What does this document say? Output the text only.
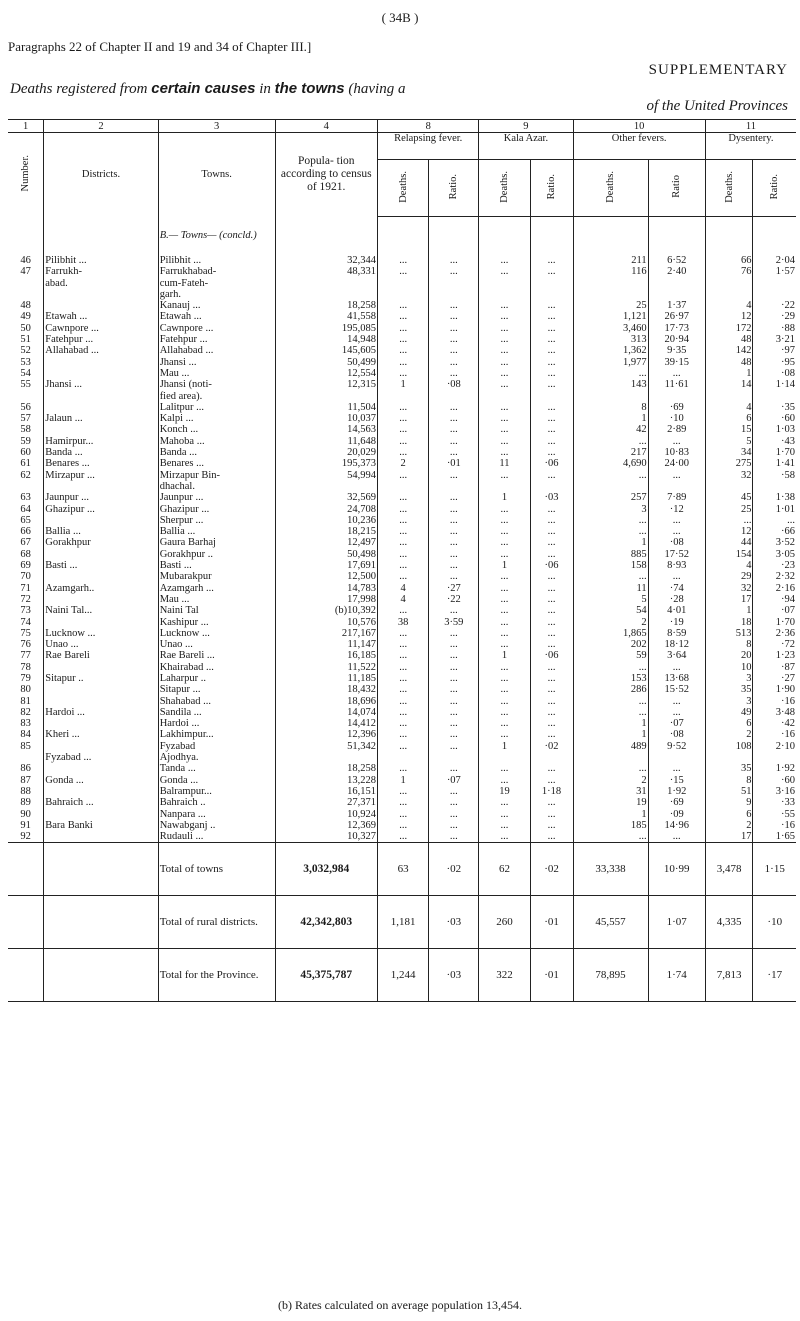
( 34B )
Paragraphs 22 of Chapter II and 19 and 34 of Chapter III.]
SUPPLEMENTARY
Deaths registered from certain causes in the towns (having a
of the United Provinces
1	2	3	4	8		9		10		11	
Number.	Districts.	Towns.	Popula- tion according to census of 1921.	Relapsing fever.		Kala Azar.		Other fevers.		Dysentery.	
				Deaths.	Ratio.	Deaths.	Ratio.	Deaths.	Ratio	Deaths.	Ratio.
		B.— Towns— (concld.)									
46	Pilibhit ...	Pilibhit ...	32,344	...	...	...	...	211	6·52	66	2·04
47	Farrukh-	Farrukhabad-	48,331	...	...	...	...	116	2·40	76	1·57
	abad.	cum-Fateh-									
		garh.									
48		Kanauj ...	18,258	...	...	...	...	25	1·37	4	·22
49	Etawah ...	Etawah ...	41,558	...	...	...	...	1,121	26·97	12	·29
50	Cawnpore ...	Cawnpore ...	195,085	...	...	...	...	3,460	17·73	172	·88
51	Fatehpur ...	Fatehpur ...	14,948	...	...	...	...	313	20·94	48	3·21
52	Allahabad ...	Allahabad ...	145,605	...	...	...	...	1,362	9·35	142	·97
53		Jhansi ...	50,499	...	...	...	...	1,977	39·15	48	·95
54		Mau ...	12,554	...	...	...	...	...	...	1	·08
55	Jhansi ...	Jhansi (noti-	12,315	1	·08	...	...	143	11·61	14	1·14
		fied area).									
56		Lalitpur ...	11,504	...	...	...	...	8	·69	4	·35
57	Jalaun ...	Kalpi ...	10,037	...	...	...	...	1	·10	6	·60
58		Konch ...	14,563	...	...	...	...	42	2·89	15	1·03
59	Hamirpur...	Mahoba ...	11,648	...	...	...	...	...	...	5	·43
60	Banda ...	Banda ...	20,029	...	...	...	...	217	10·83	34	1·70
61	Benares ...	Benares ...	195,373	2	·01	11	·06	4,690	24·00	275	1·41
62	Mirzapur ...	Mirzapur Bin-	54,994	...	...	...	...	...	...	32	·58
		dhachal.									
63	Jaunpur ...	Jaunpur ...	32,569	...	...	1	·03	257	7·89	45	1·38
64	Ghazipur ...	Ghazipur ...	24,708	...	...	...	...	3	·12	25	1·01
65		Sherpur ...	10,236	...	...	...	...	...	...	...	...
66	Ballia ...	Ballia ...	18,215	...	...	...	...	...	...	12	·66
67	Gorakhpur	Gaura Barhaj	12,497	...	...	...	...	1	·08	44	3·52
68		Gorakhpur ..	50,498	...	...	...	...	885	17·52	154	3·05
69	Basti ...	Basti ...	17,691	...	...	1	·06	158	8·93	4	·23
70		Mubarakpur	12,500	...	...	...	...	...	...	29	2·32
71	Azamgarh..	Azamgarh ...	14,783	4	·27	...	...	11	·74	32	2·16
72		Mau ...	17,998	4	·22	...	...	5	·28	17	·94
73	Naini Tal...	Naini Tal	(b)10,392	...	...	...	...	54	4·01	1	·07
74		Kashipur ...	10,576	38	3·59	...	...	2	·19	18	1·70
75	Lucknow ...	Lucknow ...	217,167	...	...	...	...	1,865	8·59	513	2·36
76	Unao ...	Unao ...	11,147	...	...	...	...	202	18·12	8	·72
77	Rae Bareli	Rae Bareli ...	16,185	...	...	1	·06	59	3·64	20	1·23
78		Khairabad ...	11,522	...	...	...	...	...	...	10	·87
79	Sitapur ..	Laharpur ..	11,185	...	...	...	...	153	13·68	3	·27
80		Sitapur ...	18,432	...	...	...	...	286	15·52	35	1·90
81		Shahabad ...	18,696	...	...	...	...	...	...	3	·16
82	Hardoi ...	Sandila ...	14,074	...	...	...	...	...	...	49	3·48
83		Hardoi ...	14,412	...	...	...	...	1	·07	6	·42
84	Kheri ...	Lakhimpur...	12,396	...	...	...	...	1	·08	2	·16
85		Fyzabad	51,342	...	...	1	·02	489	9·52	108	2·10
	Fyzabad ...	Ajodhya.									
86		Tanda ...	18,258	...	...	...	...	...	...	35	1·92
87	Gonda ...	Gonda ...	13,228	1	·07	...	...	2	·15	8	·60
88		Balrampur...	16,151	...	...	19	1·18	31	1·92	51	3·16
89	Bahraich ...	Bahraich ..	27,371	...	...	...	...	19	·69	9	·33
90		Nanpara ...	10,924	...	...	...	...	1	·09	6	·55
91	Bara Banki	Nawabganj ..	12,369	...	...	...	...	185	14·96	2	·16
92		Rudauli ...	10,327	...	...	...	...	...	...	17	1·65
		Total of towns	3,032,984	63	·02	62	·02	33,338	10·99	3,478	1·15
		Total of rural districts.	42,342,803	1,181	·03	260	·01	45,557	1·07	4,335	·10
		Total for the Province.	45,375,787	1,244	·03	322	·01	78,895	1·74	7,813	·17
(b) Rates calculated on average population 13,454.
